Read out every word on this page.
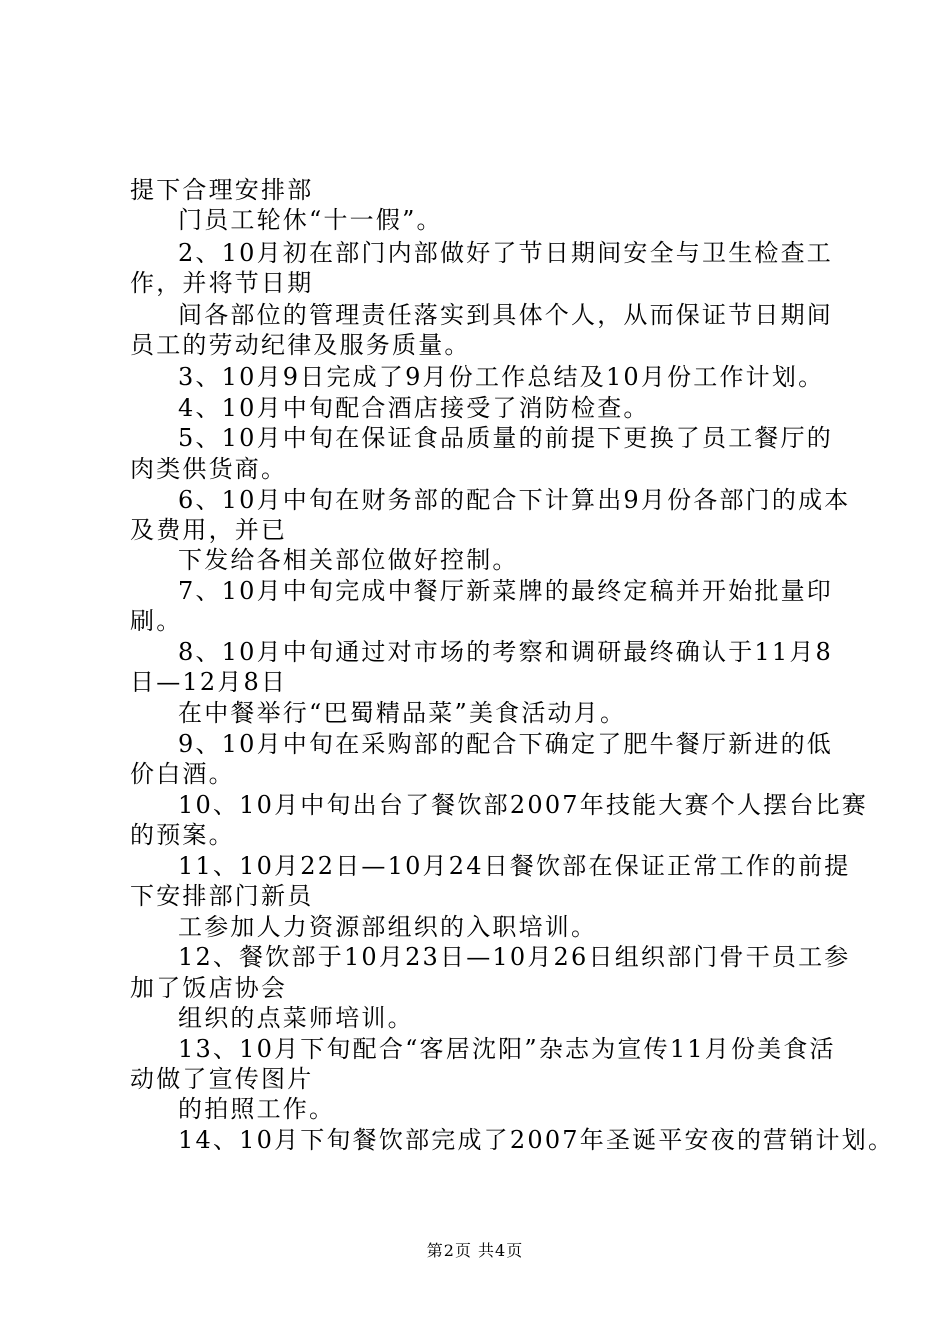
提下合理安排部
门员工轮休“十一假”。
2、10月初在部门内部做好了节日期间安全与卫生检查工
作，并将节日期
间各部位的管理责任落实到具体个人，从而保证节日期间
员工的劳动纪律及服务质量。
3、10月9日完成了9月份工作总结及10月份工作计划。
4、10月中旬配合酒店接受了消防检查。
5、10月中旬在保证食品质量的前提下更换了员工餐厅的
肉类供货商。
6、10月中旬在财务部的配合下计算出9月份各部门的成本
及费用，并已
下发给各相关部位做好控制。
7、10月中旬完成中餐厅新菜牌的最终定稿并开始批量印
刷。
8、10月中旬通过对市场的考察和调研最终确认于11月8
日—12月8日
在中餐举行“巴蜀精品菜”美食活动月。
9、10月中旬在采购部的配合下确定了肥牛餐厅新进的低
价白酒。
10、10月中旬出台了餐饮部2007年技能大赛个人摆台比赛
的预案。
11、10月22日—10月24日餐饮部在保证正常工作的前提
下安排部门新员
工参加人力资源部组织的入职培训。
12、餐饮部于10月23日—10月26日组织部门骨干员工参
加了饭店协会
组织的点菜师培训。
13、10月下旬配合“客居沈阳”杂志为宣传11月份美食活
动做了宣传图片
的拍照工作。
14、10月下旬餐饮部完成了2007年圣诞平安夜的营销计划。
第2页 共4页
